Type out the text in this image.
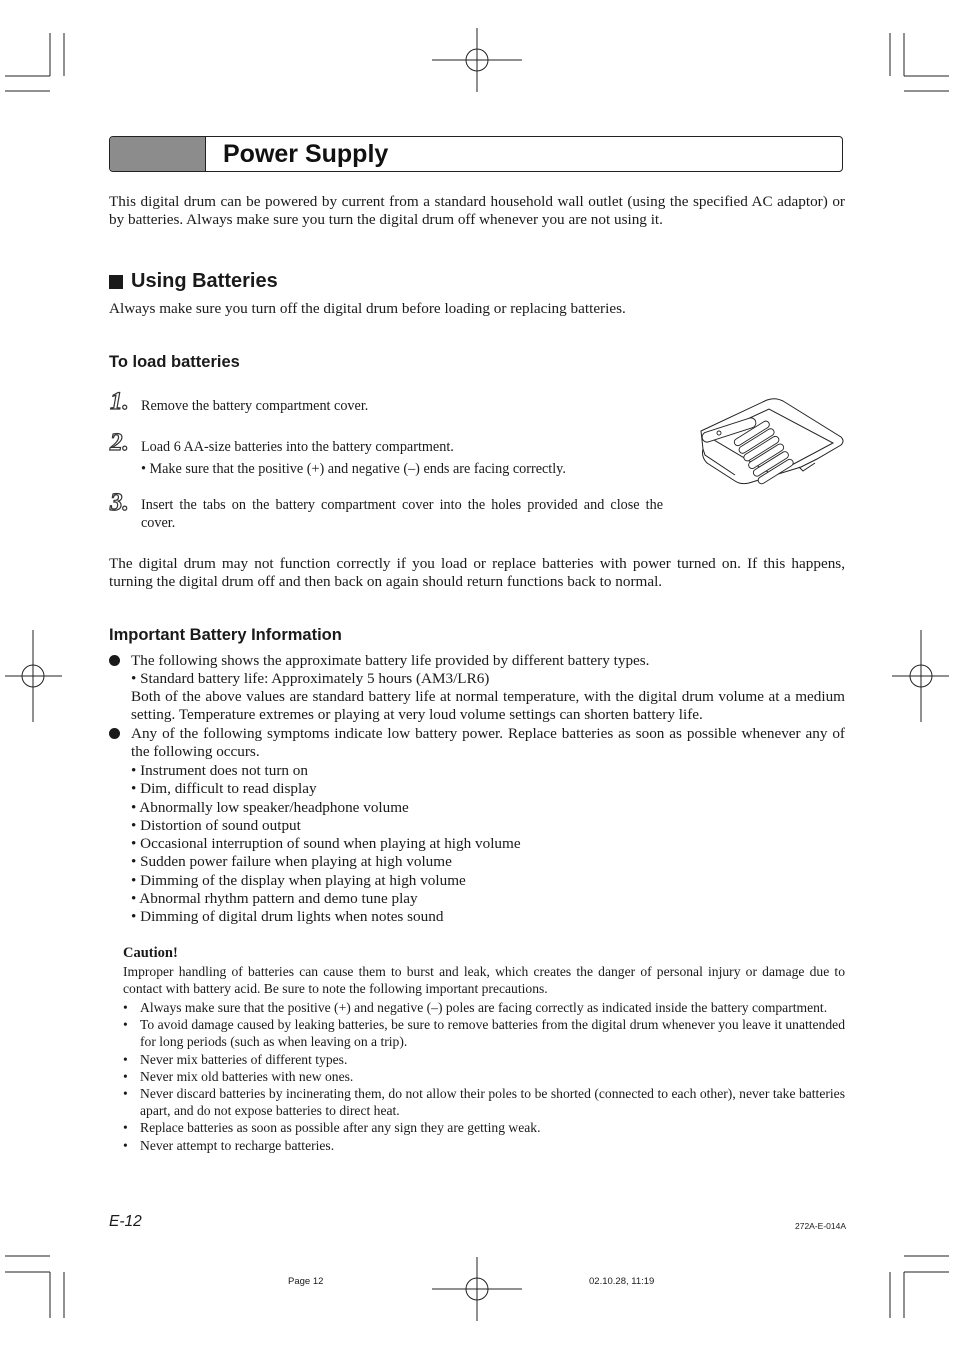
Power Supply
This digital drum can be powered by current from a standard household wall outlet (using the specified AC adaptor) or by batteries. Always make sure you turn the digital drum off whenever you are not using it.
Using Batteries
Always make sure you turn off the digital drum before loading or replacing batteries.
To load batteries
1. Remove the battery compartment cover.
2. Load 6 AA-size batteries into the battery compartment.
• Make sure that the positive (+) and negative (–) ends are facing correctly.
3. Insert the tabs on the battery compartment cover into the holes provided and close the cover.
The digital drum may not function correctly if you load or replace batteries with power turned on. If this happens, turning the digital drum off and then back on again should return functions back to normal.
Important Battery Information
The following shows the approximate battery life provided by different battery types.
• Standard battery life: Approximately 5 hours (AM3/LR6)
Both of the above values are standard battery life at normal temperature, with the digital drum volume at a medium setting. Temperature extremes or playing at very loud volume settings can shorten battery life.
Any of the following symptoms indicate low battery power. Replace batteries as soon as possible whenever any of the following occurs.
• Instrument does not turn on
• Dim, difficult to read display
• Abnormally low speaker/headphone volume
• Distortion of sound output
• Occasional interruption of sound when playing at high volume
• Sudden power failure when playing at high volume
• Dimming of the display when playing at high volume
• Abnormal rhythm pattern and demo tune play
• Dimming of digital drum lights when notes sound
Caution!
Improper handling of batteries can cause them to burst and leak, which creates the danger of personal injury or damage due to contact with battery acid. Be sure to note the following important precautions.
• Always make sure that the positive (+) and negative (–) poles are facing correctly as indicated inside the battery compartment.
• To avoid damage caused by leaking batteries, be sure to remove batteries from the digital drum whenever you leave it unattended for long periods (such as when leaving on a trip).
• Never mix batteries of different types.
• Never mix old batteries with new ones.
• Never discard batteries by incinerating them, do not allow their poles to be shorted (connected to each other), never take batteries apart, and do not expose batteries to direct heat.
• Replace batteries as soon as possible after any sign they are getting weak.
• Never attempt to recharge batteries.
E-12	272A-E-014A
Page 12	02.10.28, 11:19
